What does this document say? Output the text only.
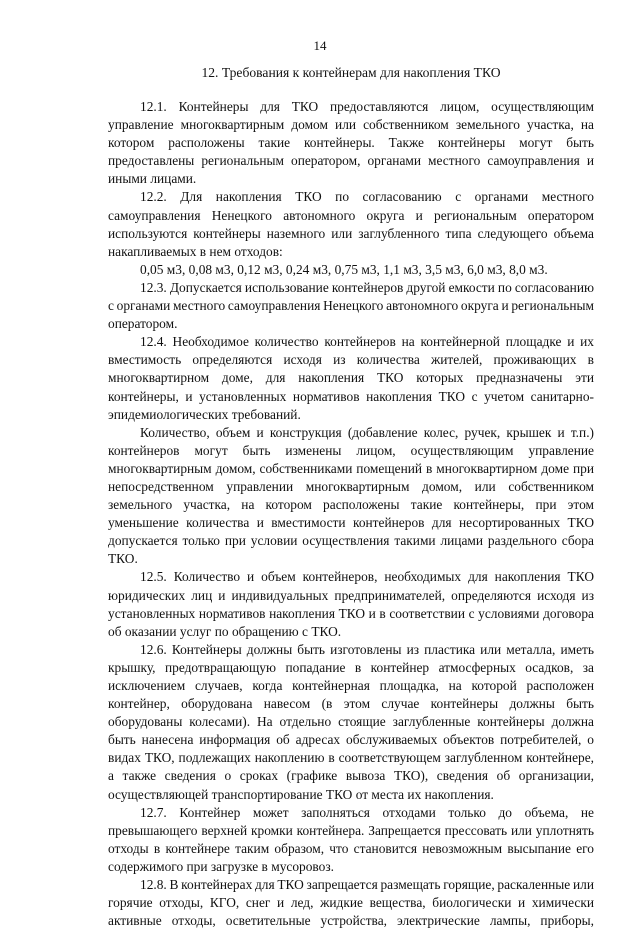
14
12. Требования к контейнерам для накопления ТКО
12.1. Контейнеры для ТКО предоставляются лицом, осуществляющим
управление многоквартирным домом или собственником земельного участка, на
котором расположены такие контейнеры. Также контейнеры могут быть
предоставлены региональным оператором, органами местного самоуправления и
иными лицами.
12.2. Для накопления ТКО по согласованию с органами местного
самоуправления Ненецкого автономного округа и региональным оператором
используются контейнеры наземного или заглубленного типа следующего объема
накапливаемых в нем отходов:
0,05 м3, 0,08 м3, 0,12 м3, 0,24 м3, 0,75 м3, 1,1 м3, 3,5 м3, 6,0 м3, 8,0 м3.
12.3. Допускается использование контейнеров другой емкости по согласованию
с органами местного самоуправления Ненецкого автономного округа и региональным
оператором.
12.4. Необходимое количество контейнеров на контейнерной площадке и их
вместимость определяются исходя из количества жителей, проживающих в
многоквартирном доме, для накопления ТКО которых предназначены эти
контейнеры, и установленных нормативов накопления ТКО с учетом санитарно-
эпидемиологических требований.
Количество, объем и конструкция (добавление колес, ручек, крышек и т.п.)
контейнеров могут быть изменены лицом, осуществляющим управление
многоквартирным домом, собственниками помещений в многоквартирном доме при
непосредственном управлении многоквартирным домом, или собственником
земельного участка, на котором расположены такие контейнеры, при этом
уменьшение количества и вместимости контейнеров для несортированных ТКО
допускается только при условии осуществления такими лицами раздельного сбора
ТКО.
12.5. Количество и объем контейнеров, необходимых для накопления ТКО
юридических лиц и индивидуальных предпринимателей, определяются исходя из
установленных нормативов накопления ТКО и в соответствии с условиями договора
об оказании услуг по обращению с ТКО.
12.6. Контейнеры должны быть изготовлены из пластика или металла, иметь
крышку, предотвращающую попадание в контейнер атмосферных осадков, за
исключением случаев, когда контейнерная площадка, на которой расположен
контейнер, оборудована навесом (в этом случае контейнеры должны быть
оборудованы колесами). На отдельно стоящие заглубленные контейнеры должна
быть нанесена информация об адресах обслуживаемых объектов потребителей, о
видах ТКО, подлежащих накоплению в соответствующем заглубленном контейнере,
а также сведения о сроках (графике вывоза ТКО), сведения об организации,
осуществляющей транспортирование ТКО от места их накопления.
12.7. Контейнер может заполняться отходами только до объема, не
превышающего верхней кромки контейнера. Запрещается прессовать или уплотнять
отходы в контейнере таким образом, что становится невозможным высыпание его
содержимого при загрузке в мусоровоз.
12.8. В контейнерах для ТКО запрещается размещать горящие, раскаленные или
горячие отходы, КГО, снег и лед, жидкие вещества, биологически и химически
активные отходы, осветительные устройства, электрические лампы, приборы,
